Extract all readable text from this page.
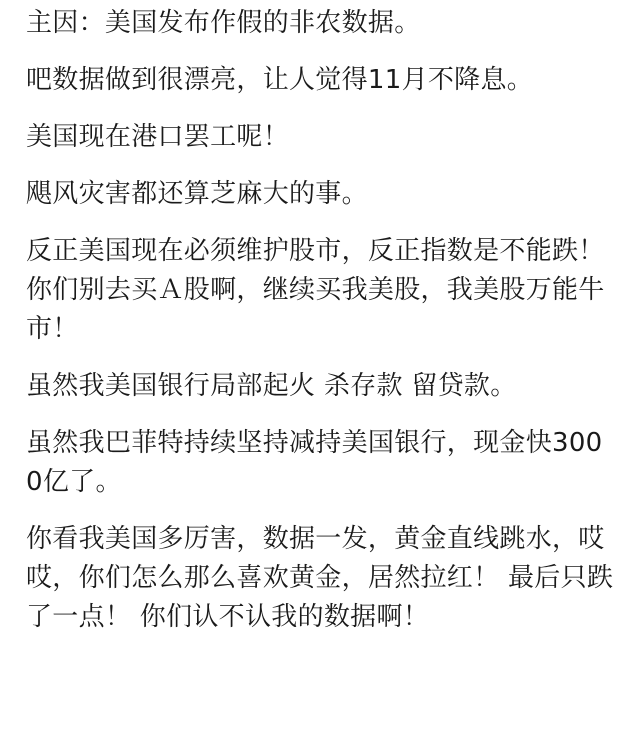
主因：美国发布作假的非农数据。

吧数据做到很漂亮，让人觉得11月不降息。

美国现在港口罢工呢！

飓风灾害都还算芝麻大的事。

反正美国现在必须维护股市，反正指数是不能跌！你们别去买Ａ股啊，继续买我美股，我美股万能牛市！

虽然我美国银行局部起火 杀存款 留贷款。

虽然我巴菲特持续坚持减持美国银行，现金快3000亿了。

你看我美国多厉害，数据一发，黄金直线跳水，哎哎，你们怎么那么喜欢黄金，居然拉红！ 最后只跌了一点！ 你们认不认我的数据啊！
